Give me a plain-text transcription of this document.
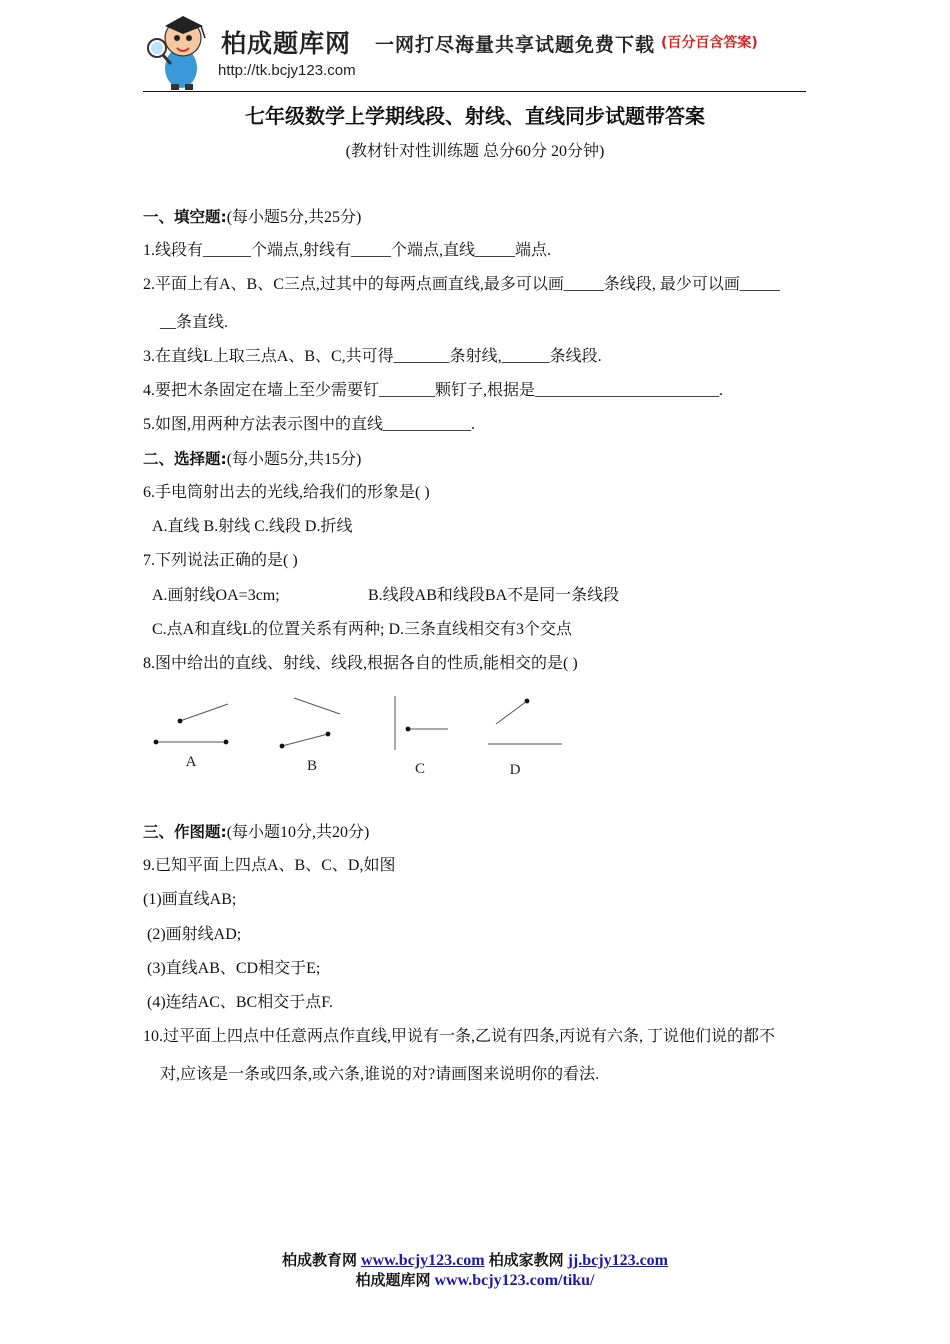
柏成题库网 一网打尽海量共享试题免费下载 (百分百含答案)
http://tk.bcjy123.com
七年级数学上学期线段、射线、直线同步试题带答案
(教材针对性训练题 总分60分 20分钟)
一、填空题:(每小题5分,共25分)
1.线段有______个端点,射线有_____个端点,直线_____端点.
2.平面上有A、B、C三点,过其中的每两点画直线,最多可以画_____条线段, 最少可以画_____
__条直线.
3.在直线L上取三点A、B、C,共可得_______条射线,______条线段.
4.要把木条固定在墙上至少需要钉_______颗钉子,根据是_______________________.
5.如图,用两种方法表示图中的直线___________.
二、选择题:(每小题5分,共15分)
6.手电筒射出去的光线,给我们的形象是( )
A.直线 B.射线 C.线段 D.折线
7.下列说法正确的是( )
A.画射线OA=3cm;	B.线段AB和线段BA不是同一条线段
C.点A和直线L的位置关系有两种; D.三条直线相交有3个交点
8.图中给出的直线、射线、线段,根据各自的性质,能相交的是( )
A	B	C	D
三、作图题:(每小题10分,共20分)
9.已知平面上四点A、B、C、D,如图
(1)画直线AB;
(2)画射线AD;
(3)直线AB、CD相交于E;
(4)连结AC、BC相交于点F.
10.过平面上四点中任意两点作直线,甲说有一条,乙说有四条,丙说有六条, 丁说他们说的都不
对,应该是一条或四条,或六条,谁说的对?请画图来说明你的看法.
柏成教育网 www.bcjy123.com 柏成家教网 jj.bcjy123.com
柏成题库网 www.bcjy123.com/tiku/
